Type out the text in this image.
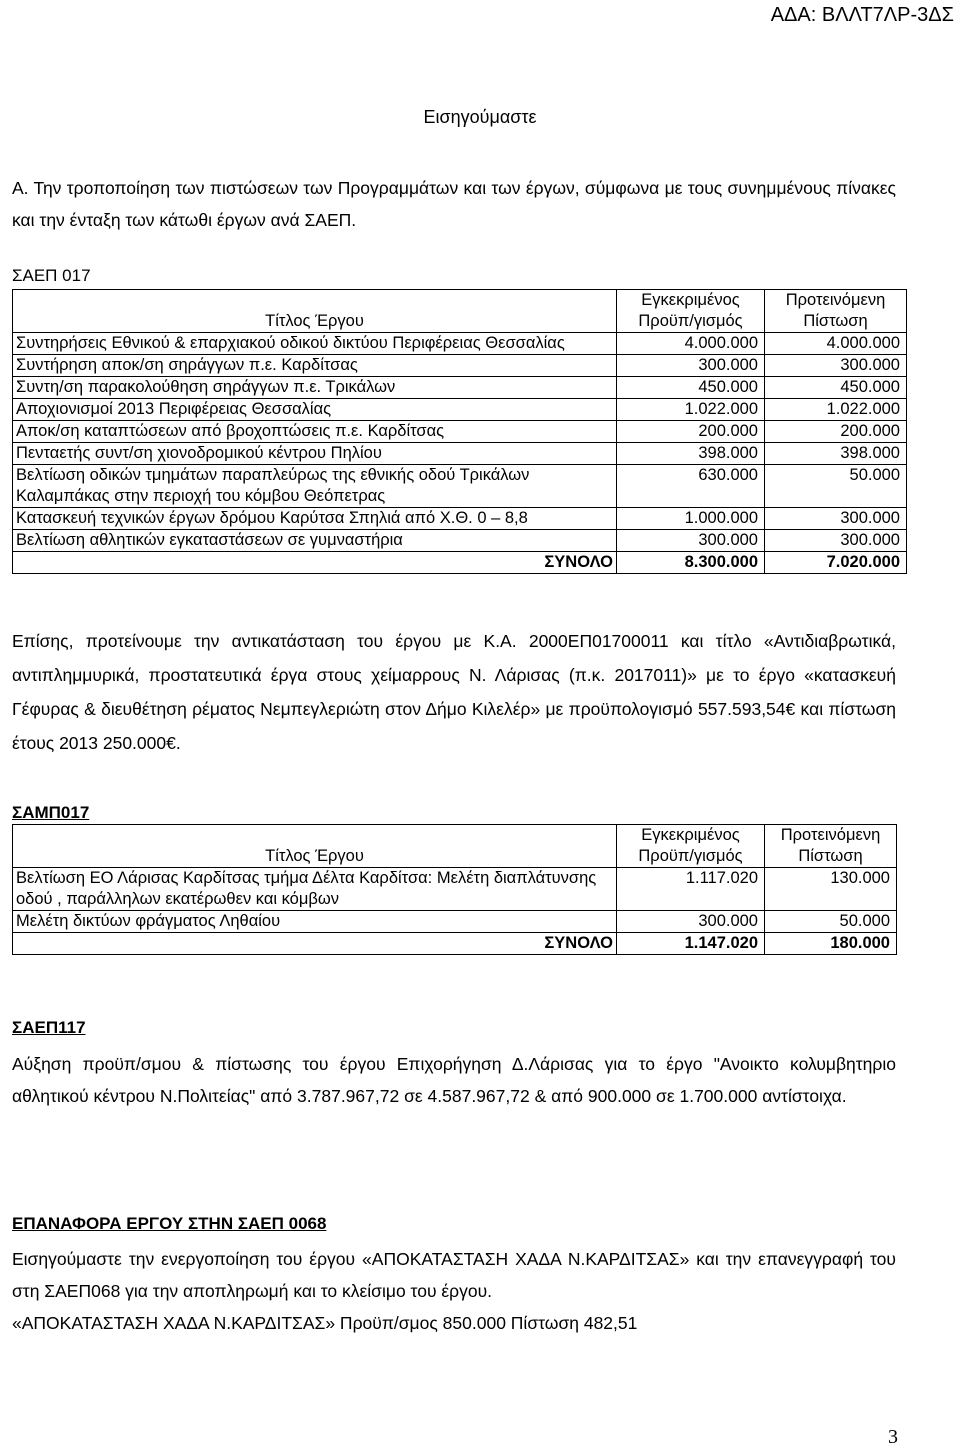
ΑΔΑ: ΒΛΛΤ7ΛΡ-3ΔΣ
Εισηγούμαστε

Α. Την τροποποίηση των πιστώσεων των Προγραμμάτων και των έργων, σύμφωνα με τους συνημμένους πίνακες και την ένταξη των κάτωθι έργων ανά ΣΑΕΠ.

ΣΑΕΠ 017
Τίτλος Έργου	Εγκεκριμένος Προϋπ/γισμός	Προτεινόμενη Πίστωση
Συντηρήσεις Εθνικού & επαρχιακού οδικού δικτύου Περιφέρειας Θεσσαλίας	4.000.000	4.000.000
Συντήρηση αποκ/ση σηράγγων π.ε. Καρδίτσας	300.000	300.000
Συντη/ση παρακολούθηση σηράγγων π.ε. Τρικάλων	450.000	450.000
Αποχιονισμοί 2013 Περιφέρειας Θεσσαλίας	1.022.000	1.022.000
Αποκ/ση καταπτώσεων από βροχοπτώσεις π.ε. Καρδίτσας	200.000	200.000
Πενταετής συντ/ση χιονοδρομικού κέντρου Πηλίου	398.000	398.000
Βελτίωση οδικών τμημάτων παραπλεύρως της εθνικής οδού Τρικάλων Καλαμπάκας στην περιοχή του κόμβου Θεόπετρας	630.000	50.000
Κατασκευή τεχνικών έργων δρόμου Καρύτσα Σπηλιά από Χ.Θ. 0 – 8,8	1.000.000	300.000
Βελτίωση αθλητικών εγκαταστάσεων σε γυμναστήρια	300.000	300.000
ΣΥΝΟΛΟ	8.300.000	7.020.000

Επίσης, προτείνουμε την αντικατάσταση του έργου με Κ.Α. 2000ΕΠ01700011 και τίτλο «Αντιδιαβρωτικά, αντιπλημμυρικά, προστατευτικά έργα στους χείμαρρους Ν. Λάρισας (π.κ. 2017011)» με το έργο «κατασκευή Γέφυρας & διευθέτηση ρέματος Νεμπεγλεριώτη στον Δήμο Κιλελέρ» με προϋπολογισμό 557.593,54€ και πίστωση έτους 2013 250.000€.

ΣΑΜΠ017
Τίτλος Έργου	Εγκεκριμένος Προϋπ/γισμός	Προτεινόμενη Πίστωση
Βελτίωση ΕΟ Λάρισας Καρδίτσας τμήμα Δέλτα Καρδίτσα: Μελέτη διαπλάτυνσης οδού , παράλληλων εκατέρωθεν και κόμβων	1.117.020	130.000
Μελέτη δικτύων φράγματος Ληθαίου	300.000	50.000
ΣΥΝΟΛΟ	1.147.020	180.000
ΣΑΕΠ117

Αύξηση προϋπ/σμου & πίστωσης του έργου Επιχορήγηση Δ.Λάρισας για το έργο "Ανοικτο κολυμβητηριο αθλητικού κέντρου Ν.Πολιτείας" από 3.787.967,72 σε 4.587.967,72 & από 900.000 σε 1.700.000 αντίστοιχα.

ΕΠΑΝΑΦΟΡΑ ΕΡΓΟΥ ΣΤΗΝ ΣΑΕΠ 0068

Εισηγούμαστε την ενεργοποίηση του έργου «ΑΠΟΚΑΤΑΣΤΑΣΗ ΧΑΔΑ Ν.ΚΑΡΔΙΤΣΑΣ» και την επανεγγραφή του στη ΣΑΕΠ068 για την αποπληρωμή και το κλείσιμο του έργου.

«ΑΠΟΚΑΤΑΣΤΑΣΗ ΧΑΔΑ Ν.ΚΑΡΔΙΤΣΑΣ» Προϋπ/σμος 850.000 Πίστωση 482,51

3
